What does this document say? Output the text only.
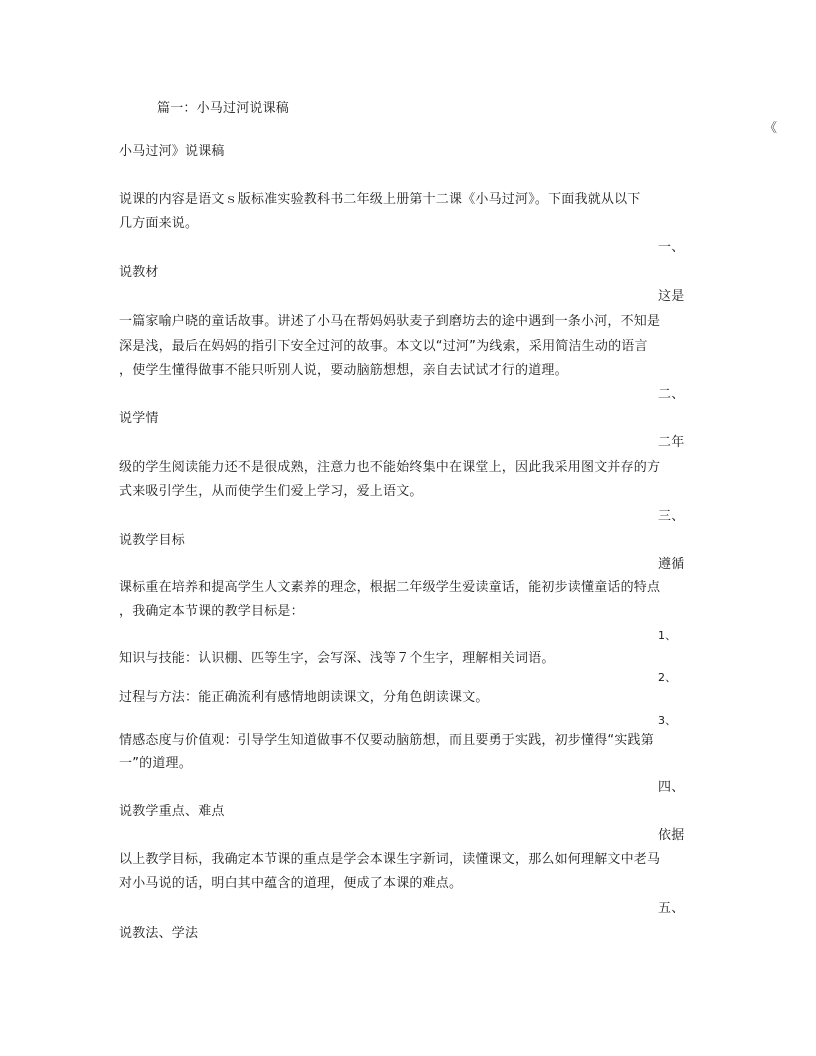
篇一：小马过河说课稿
《
小马过河》说课稿
说课的内容是语文ｓ版标准实验教科书二年级上册第十二课《小马过河》。下面我就从以下
几方面来说。
一、
说教材
这是
一篇家喻户晓的童话故事。讲述了小马在帮妈妈驮麦子到磨坊去的途中遇到一条小河，不知是
深是浅，最后在妈妈的指引下安全过河的故事。本文以“过河”为线索，采用简洁生动的语言
，使学生懂得做事不能只听别人说，要动脑筋想想，亲自去试试才行的道理。
二、
说学情
二年
级的学生阅读能力还不是很成熟，注意力也不能始终集中在课堂上，因此我采用图文并存的方
式来吸引学生，从而使学生们爱上学习，爱上语文。
三、
说教学目标
遵循
课标重在培养和提高学生人文素养的理念，根据二年级学生爱读童话，能初步读懂童话的特点
，我确定本节课的教学目标是：
1、
知识与技能：认识棚、匹等生字，会写深、浅等７个生字，理解相关词语。
2、
过程与方法：能正确流利有感情地朗读课文，分角色朗读课文。
3、
情感态度与价值观：引导学生知道做事不仅要动脑筋想，而且要勇于实践，初步懂得“实践第
一”的道理。
四、
说教学重点、难点
依据
以上教学目标，我确定本节课的重点是学会本课生字新词，读懂课文，那么如何理解文中老马
对小马说的话，明白其中蕴含的道理，便成了本课的难点。
五、
说教法、学法
